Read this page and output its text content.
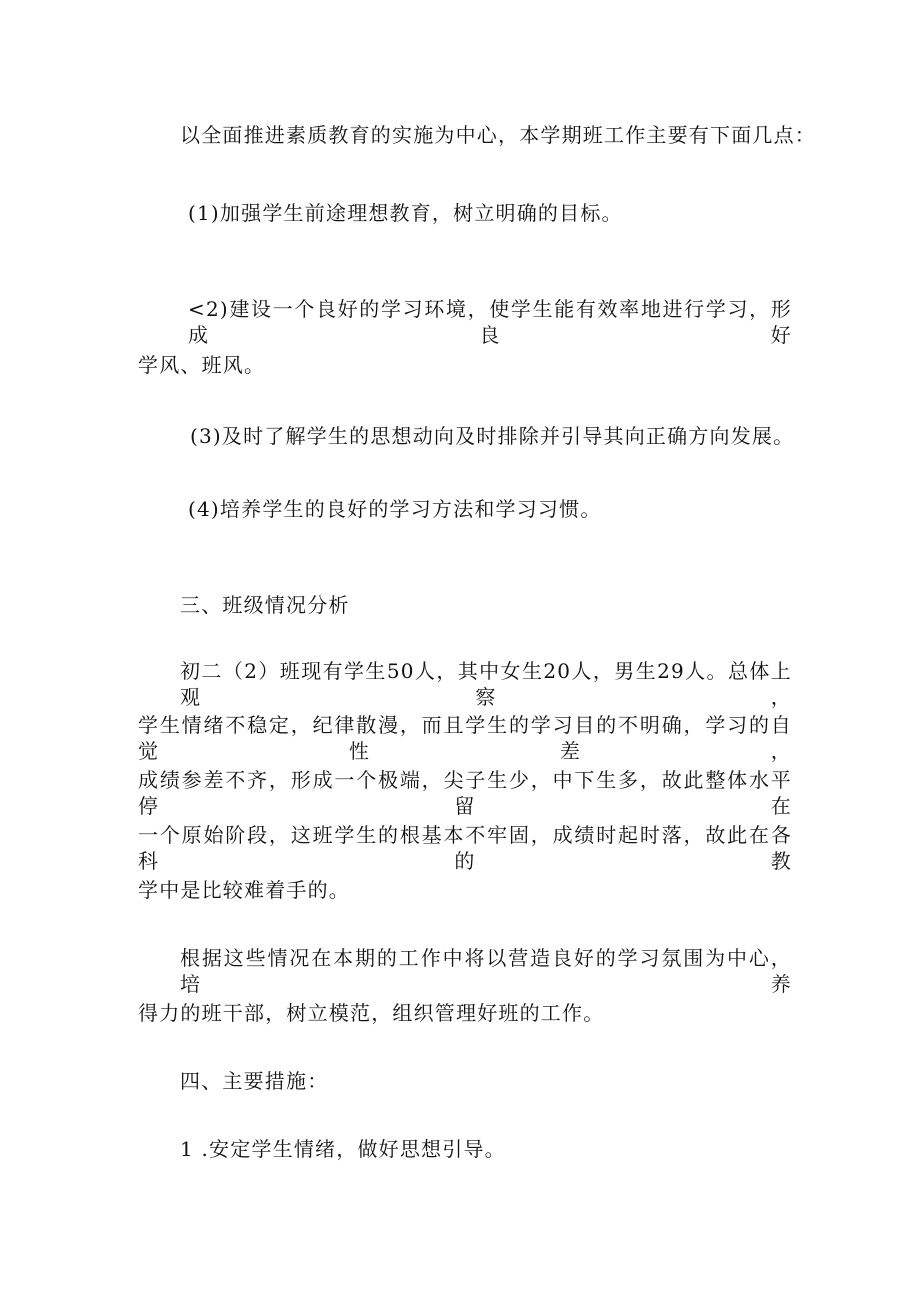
以全面推进素质教育的实施为中心，本学期班工作主要有下面几点：
(1)加强学生前途理想教育，树立明确的目标。
<2)建设一个良好的学习环境，使学生能有效率地进行学习，形成良好
学风、班风。
(3)及时了解学生的思想动向及时排除并引导其向正确方向发展。
(4)培养学生的良好的学习方法和学习习惯。
三、班级情况分析
初二（2）班现有学生50人，其中女生20人，男生29人。总体上观察，
学生情绪不稳定，纪律散漫，而且学生的学习目的不明确，学习的自觉性差，
成绩参差不齐，形成一个极端，尖子生少，中下生多，故此整体水平停留在
一个原始阶段，这班学生的根基本不牢固，成绩时起时落，故此在各科的教
学中是比较难着手的。
根据这些情况在本期的工作中将以营造良好的学习氛围为中心，培养
得力的班干部，树立模范，组织管理好班的工作。
四、主要措施：
1 .安定学生情绪，做好思想引导。
